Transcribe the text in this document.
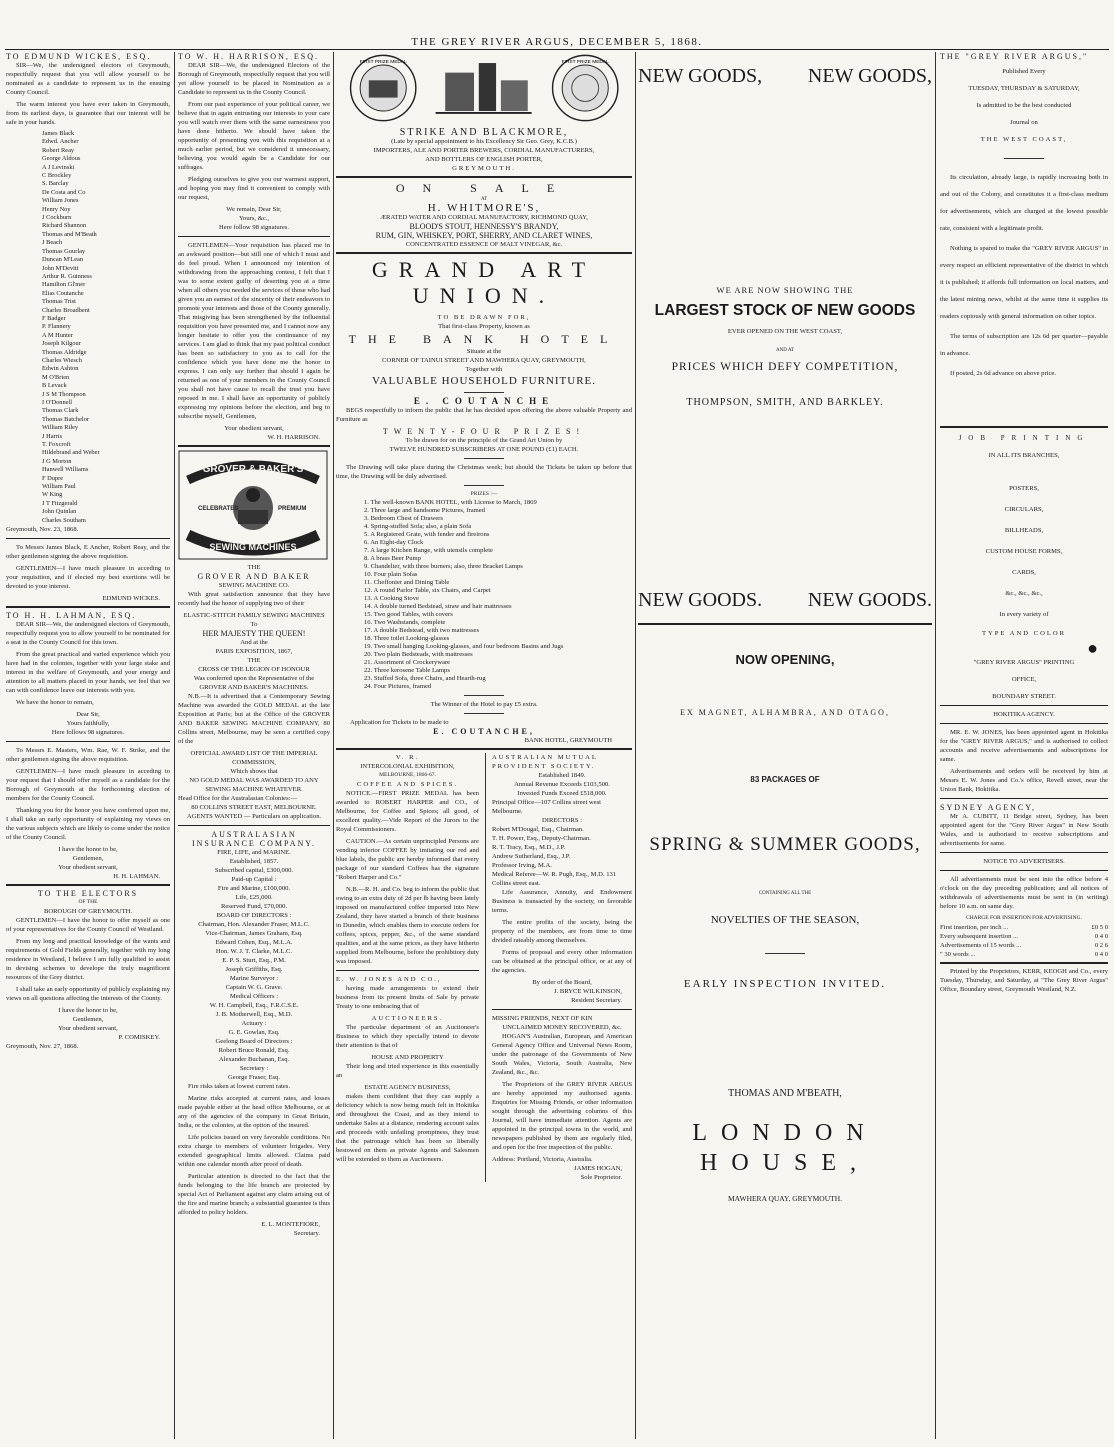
THE GREY RIVER ARGUS, DECEMBER 5, 1868.
TO EDMUND WICKES, ESQ.

SIR—We, the undersigned electors of Greymouth, respectfully request that you will allow yourself to be nominated as a candidate to represent us in the ensuing County Council.

The warm interest you have ever taken in Greymouth, from its earliest days, is guarantee that our interest will be safe in your hands.

James Black
Edwd. Ancher
Robert Reay
George Aldous
A J Levinski
C Brockley
S. Barclay
De Costa and Co
William Jones
Henry Noy
J Cockburn
Richard Shannon
Thomas and M'Beath
J Beach
Thomas Gourlay
Duncan M'Lean
John M'Devitt
Arthur R. Guinness
Hamilton Gl'mer
Elias Coutanche
Thomas Trist
Charles Broadbent
F Badger
P. Flannery
A M Hunter
Joseph Kilgour
Thomas Aldridge
Charles Wiesch
Edwin Ashton
M O'Brien
B Levack
J S M Thompson
I O'Donnell
Thomas Clark
Thomas Batchelor
William Riley
J Harris
T. Foxcroft
Hildebrand and Weber
J G Morton
Hanwell Williams
F Dupre
William Paul
W King
J T Fitzgerald
John Quinlan
Charles Southam
Greymouth, Nov. 23, 1868.

To Messrs James Black, E Ancher, Robert Reay, and the other gentlemen signing the above requisition.

GENTLEMEN—I have much pleasure in acceding to your requisition, and if elected my best exertions will be devoted to your interest.

EDMUND WICKES.
TO H. H. LAHMAN, ESQ.

DEAR SIR—We, the undersigned electors of Greymouth, respectfully request you to allow yourself to be nominated for a seat in the County Council for this town.

From the great practical and varied experience which you have had in the colonies, together with your large stake and interest in the welfare of Greymouth, and your energy and attention to all matters placed in your hands, we feel that we can with confidence leave our interests with you.

We have the honor to remain,

Dear Sir,
Yours faithfully,
Here follows 98 signatures.

To Messrs E. Masters, Wm. Rae, W. F. Strike, and the other gentlemen signing the above requisition.

GENTLEMEN—I have much pleasure in acceding to your request that I should offer myself as a candidate for the Borough of Greymouth at the forthcoming election of members for the County Council.

Thanking you for the honor you have conferred upon me, I shall take an early opportunity of explaining my views on the various subjects which are likely to come under the notice of the County Council.

I have the honor to be,
Gentlemen,
Your obedient servant,
H. H. LAHMAN.
TO THE ELECTORS
OF THE
BOROUGH OF GREYMOUTH.

GENTLEMEN—I have the honor to offer myself as one of your representatives for the County Council of Westland.

From my long and practical knowledge of the wants and requirements of Gold Fields generally, together with my long residence in Westland, I believe I am fully qualified to assist in devising schemes to develope the truly magnificent resources of the Grey district.

I shall take an early opportunity of publicly explaining my views on all questions affecting the interests of the County.

I have the honor to be,
Gentlemen,
Your obedient servant,
P. COMISKEY.
Greymouth, Nov. 27, 1868.
TO W. H. HARRISON, ESQ.

DEAR SIR—We, the undersigned Electors of the Borough of Greymouth, respectfully request that you will yet allow yourself to be placed in Nomination as a Candidate to represent us in the County Council.

From our past experience of your political career, we believe that in again entrusting our interests to your care you will watch over them with the same earnestness you have done hitherto. We should have taken the opportunity of presenting you with this requisition at a much earlier period, but we considered it unnecessary, believing you would again be a Candidate for our suffrages.

Pledging ourselves to give you our warmest support, and hoping you may find it convenient to comply with our request,

We remain, Dear Sir,
Yours, &c.,
Here follow 98 signatures.

GENTLEMEN—Your requisition has placed me in an awkward position—but still one of which I must and do feel proud. When I announced my intention of withdrawing from the approaching contest, I felt that I was to some extent guilty of deserting you at a time when all others you needed the services of those who had given you an earnest of the sincerity of their endeavors to promote your interests and those of the County generally. That misgiving has been strengthened by the influential requisition you have presented me, and I cannot now any longer hesitate to offer you the continuance of my services. I am glad to think that my past political conduct has been so satisfactory to you as to call for the confidence which you have done me the honor to express. I can only say further that should I again be returned as one of your members in the County Council you shall not have cause to recall the trust you have reposed in me. I shall have an opportunity of publicly expressing my opinions before the election, and beg to subscribe myself, Gentlemen,

Your obedient servant,
W. H. HARRISON.
GROVER & BAKER'S
CELEBRATED	PREMIUM
SEWING MACHINES
THE
GROVER AND BAKER
SEWING MACHINE CO.

With great satisfaction announce that they have recently had the honor of supplying two of their

ELASTIC-STITCH FAMILY SEWING MACHINES
To
HER MAJESTY THE QUEEN!
And at the
PARIS EXPOSITION, 1867,
THE
CROSS OF THE LEGION OF HONOUR
Was conferred upon the Representative of the
GROVER AND BAKER'S MACHINES.

N.B.—It is advertised that a Contemporary Sewing Machine was awarded the GOLD MEDAL at the late Exposition at Paris; but at the Office of the GROVER AND BAKER SEWING MACHINE COMPANY, 80 Collins street, Melbourne, may be seen a certified copy of the

OFFICIAL AWARD LIST OF THE IMPERIAL COMMISSION,
Which shows that
NO GOLD MEDAL WAS AWARDED TO ANY SEWING MACHINE WHATEVER.
Head Office for the Australasian Colonies:—
80 COLLINS STREET EAST, MELBOURNE.
AGENTS WANTED — Particulars on application.
AUSTRALASIAN INSURANCE COMPANY.
FIRE, LIFE, and MARINE.
Established, 1857.
Subscribed capital, £300,000.
Paid-up Capital :
Fire and Marine, £100,000.
Life, £25,000.
Reserved Fund, £70,000.
BOARD OF DIRECTORS :
Chairman, Hon. Alexander Fraser, M.L.C.
Vice-Chairman, James Graham, Esq.
Edward Cohen, Esq., M.L.A.
Hon. W. J. T. Clarke, M.L.C.
E. P. S. Sturt, Esq., P.M.
Joseph Griffiths, Esq.
Marine Surveyor :
Captain W. G. Grave.
Medical Officers :
W. H. Campbell, Esq., F.R.C.S.E.
J. B. Motherwell, Esq., M.D.
Actuary :
G. E. Gowlan, Esq.
Geelong Board of Directors :
Robert Bruce Ronald, Esq.
Alexander Buchanan, Esq.
Secretary :
George Fraser, Esq.

Fire risks taken at lowest current rates.

Marine risks accepted at current rates, and losses made payable either at the head office Melbourne, or at any of the agencies of the company in Great Britain, India, or the colonies, at the option of the insured.

Life policies issued on very favorable conditions. No extra charge to members of volunteer brigades. Very extended geographical limits allowed. Claims paid within one calendar month after proof of death.

Particular attention is directed to the fact that the funds belonging to the life branch are protected by special Act of Parliament against any claim arising out of the fire and marine branch; a substantial guarantee is thus afforded to policy holders.

E. L. MONTEFIORE,
Secretary.
FIRST PRIZE MEDAL	FIRST PRIZE MEDAL
STRIKE AND BLACKMORE,
(Late by special appointment to his Excellency Sir Geo. Grey, K.C.B.)
IMPORTERS, ALE AND PORTER BREWERS, CORDIAL MANUFACTURERS,
AND BOTTLERS OF ENGLISH PORTER,
GREYMOUTH.
ON SALE
AT
H. WHITMORE'S,
ÆRATED WATER AND CORDIAL MANUFACTORY, RICHMOND QUAY,
BLOOD'S STOUT, HENNESSY'S BRANDY,
RUM, GIN, WHISKEY, PORT, SHERRY, AND CLARET WINES,
CONCENTRATED ESSENCE OF MALT VINEGAR, &c.
GRAND ART UNION.
TO BE DRAWN FOR,
That first-class Property, known as
THE BANK HOTEL
Situate at the
CORNER OF TAINUI STREET AND MAWHERA QUAY, GREYMOUTH,
Together with
VALUABLE HOUSEHOLD FURNITURE.
E. COUTANCHE

BEGS respectfully to inform the public that he has decided upon offering the above valuable Property and Furniture as

TWENTY-FOUR PRIZES!
To be drawn for on the principle of the Grand Art Union by
TWELVE HUNDRED SUBSCRIBERS AT ONE POUND (£1) EACH.

The Drawing will take place during the Christmas week; but should the Tickets be taken up before that time, the Drawing will be duly advertised.

PRIZES :—
1. The well-known BANK HOTEL, with License to March, 1869
2. Three large and handsome Pictures, framed
3. Bedroom Chest of Drawers
4. Spring-stuffed Sofa; also, a plain Sofa
5. A Registered Grate, with fender and fireirons
6. An Eight-day Clock
7. A large Kitchen Range, with utensils complete
8. A brass Beer Pump
9. Chandelier, with three burners; also, three Bracket Lamps
10. Four plain Sofas
11. Cheffonier and Dining Table
12. A round Parlor Table, six Chairs, and Carpet
13. A Cooking Stove
14. A double turned Bedstead, straw and hair mattresses
15. Two good Tables, with covers
16. Two Washstands, complete
17. A double Bedstead, with two mattresses
18. Three toilet Looking-glasses
19. Two small hanging Looking-glasses, and four bedroom Basins and Jugs
20. Two plain Bedsteads, with mattresses
21. Assortment of Crockeryware
22. Three kerosene Table Lamps
23. Stuffed Sofa, three Chairs, and Hearth-rug
24. Four Pictures, framed
The Winner of the Hotel to pay £5 extra.
Application for Tickets to be made to
E. COUTANCHE,
BANK HOTEL, GREYMOUTH
V. R.
INTERCOLONIAL EXHIBITION,
MELBOURNE, 1866-67.
COFFEE AND SPICES.

NOTICE.—FIRST PRIZE MEDAL has been awarded to ROBERT HARPER and CO., of Melbourne, for Coffee and Spices; all good, of excellent quality.—Vide Report of the Jurors to the Royal Commissioners.

CAUTION.—As certain unprincipled Persons are vending inferior COFFEE by imitating our red and blue labels, the public are hereby informed that every package of our standard Coffees has the signature "Robert Harper and Co."

N.B.—R. H. and Co. beg to inform the public that owing to an extra duty of 2d per lb having been lately imposed on manufactured coffee imported into New Zealand, they have started a branch of their business in Dunedin, which enables them to execute orders for coffees, spices, pepper, &c., of the same standard qualities, and at the same prices, as they have hitherto supplied from Melbourne, before the prohibitory duty was imposed.

E. W. JONES AND CO.,

having made arrangements to extend their business from its present limits of Sale by private Treaty to one embracing that of

AUCTIONEERS.

The particular department of an Auctioneer's Business to which they specially intend to devote their attention is that of

HOUSE AND PROPERTY

Their long and tried experience in this essentially an

ESTATE AGENCY BUSINESS,

makes them confident that they can supply a deficiency which is now being much felt in Hokitika and throughout the Coast, and as they intend to undertake Sales at a distance, rendering account sales and proceeds with unfailing promptness, they trust that the patronage which has been so liberally bestowed on them as private Agents and Salesmen will be extended to them as Auctioneers.

AUSTRALIAN MUTUAL PROVIDENT SOCIETY.
Established 1849.
Annual Revenue Exceeds £103,500.
Invested Funds Exceed £518,000.
Principal Office—107 Collins street west Melbourne.
DIRECTORS :
Robert M'Dougal, Esq., Chairman.
T. H. Power, Esq., Deputy-Chairman.
R. T. Tracy, Esq., M.D., J.P.
Andrew Sutherland, Esq., J.P.
Professor Irving, M.A.
Medical Referee—W. R. Pugh, Esq., M.D. 131 Collins street east.

Life Assurance, Annuity, and Endowment Business is transacted by the society, on favorable terms.

The entire profits of the society, being the property of the members, are from time to time divided rateably among themselves.

Forms of proposal and every other information can be obtained at the principal office, or at any of the agencies.

By order of the Board,
J. BRYCE WILKINSON,
Resident Secretary.
MISSING FRIENDS, NEXT OF KIN
UNCLAIMED MONEY RECOVERED, &c.

HOGAN'S Australian, European, and American General Agency Office and Universal News Room, under the patronage of the Governments of New South Wales, Victoria, South Australia, New Zealand, &c., &c.

The Proprietors of the GREY RIVER ARGUS are hereby appointed my authorised agents. Enquiries for Missing Friends, or other information sought through the advertising columns of this Journal, will have immediate attention. Agents are appointed in the principal towns in the world, and newspapers published by them are regularly filed, and open for the free inspection of the public.

Address: Portland, Victoria, Australia.
JAMES HOGAN,
Sole Proprietor.
NEW GOODS, NEW GOODS,
WE ARE NOW SHOWING THE
LARGEST STOCK OF NEW GOODS
EVER OPENED ON THE WEST COAST,
AND AT
PRICES WHICH DEFY COMPETITION,
THOMPSON, SMITH, AND BARKLEY.
NEW GOODS. NEW GOODS.
NOW OPENING,
EX MAGNET, ALHAMBRA, AND OTAGO,
83 PACKAGES OF
SPRING & SUMMER GOODS,
CONTAINING ALL THE
NOVELTIES OF THE SEASON,
EARLY INSPECTION INVITED.
THOMAS AND M'BEATH,
LONDON HOUSE,
MAWHERA QUAY, GREYMOUTH.
THE "GREY RIVER ARGUS,"
Published Every
TUESDAY, THURSDAY & SATURDAY,
Is admitted to be the best conducted
Journal on
THE WEST COAST,

Its circulation, already large, is rapidly increasing both in and out of the Colony, and constitutes it a first-class medium for advertisements, which are charged at the lowest possible rate, consistent with a legitimate profit.

Nothing is spared to make the "GREY RIVER ARGUS" in every respect an efficient representative of the district in which it is published; it affords full information on local matters, and the latest mining news, whilst at the same time it supplies its readers copiously with general information on other topics.

The terms of subscription are 12s 6d per quarter—payable in advance.

If posted, 2s 6d advance on above price.

JOB PRINTING
IN ALL ITS BRANCHES,
POSTERS,
CIRCULARS,
BILLHEADS,
CUSTOM HOUSE FORMS,
CARDS,
&c., &c., &c.,
In every variety of
TYPE AND COLOR
●
"GREY RIVER ARGUS" PRINTING
OFFICE,
BOUNDARY STREET.
HOKITIKA AGENCY.

MR. E. W. JONES, has been appointed agent in Hokitika for the "GREY RIVER ARGUS," and is authorised to collect accounts and receive advertisements and subscriptions for same.

Advertisements and orders will be received by him at Messrs E. W. Jones and Co.'s office, Revell street, near the Union Bank, Hokitika.

SYDNEY AGENCY,

Mr A. CUBITT, 11 Bridge street, Sydney, has been appointed agent for the "Grey River Argus" in New South Wales, and is authorised to receive subscriptions and advertisements for same.

NOTICE TO ADVERTISERS.

All advertisements must be sent into the office before 4 o'clock on the day preceding publication; and all notices of withdrawals of advertisements must be sent in (in writing) before 10 a.m. on same day.

CHARGE FOR INSERTION FOR ADVERTISING.
First insertion, per inch ...	£0 5 0
Every subsequent insertion ...	0 4 0
Advertisements of 15 words ...	0 2 6
" 30 words ...	0 4 0

Printed by the Proprietors, KERR, KEOGH and Co., every Tuesday, Thursday, and Saturday, at "The Grey River Argus" Office, Boundary street, Greymouth Westland, N.Z.
